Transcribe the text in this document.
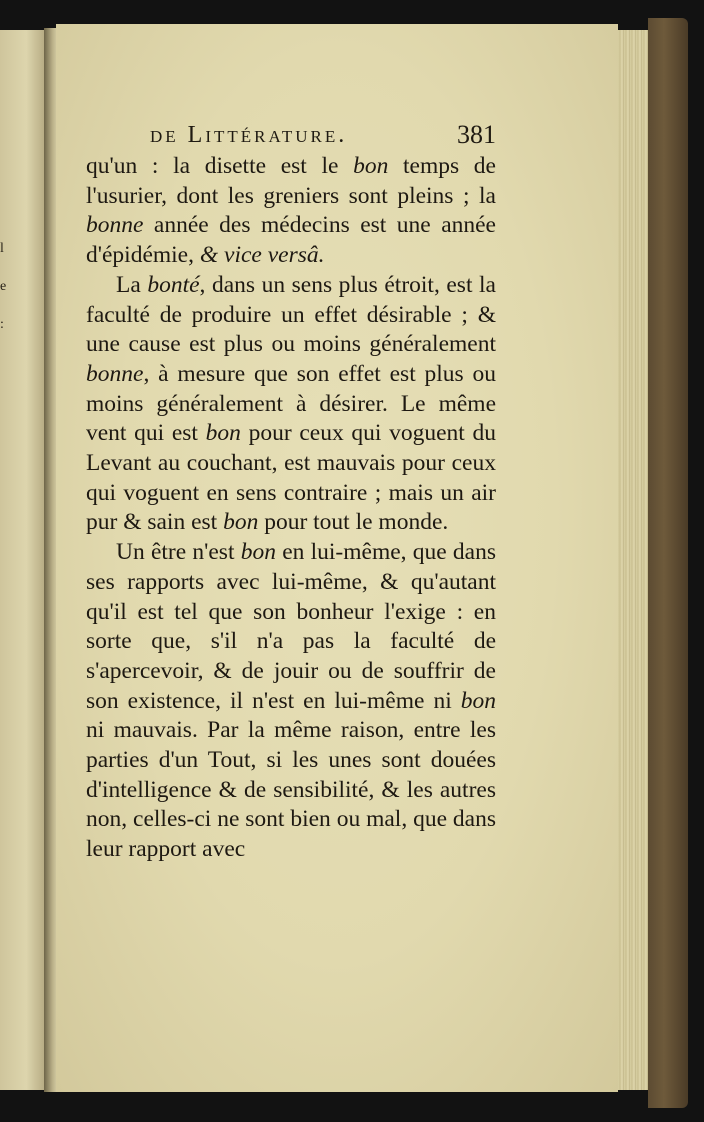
l
e
:
de Littérature.	381

qu'un : la disette est le bon temps de l'usurier, dont les greniers sont pleins ; la bonne année des médecins est une année d'épidémie, & vice versâ.

La bonté, dans un sens plus étroit, est la faculté de produire un effet désirable ; & une cause est plus ou moins généralement bonne, à mesure que son effet est plus ou moins généralement à désirer. Le même vent qui est bon pour ceux qui voguent du Levant au couchant, est mauvais pour ceux qui voguent en sens contraire ; mais un air pur & sain est bon pour tout le monde.

Un être n'est bon en lui-même, que dans ses rapports avec lui-même, & qu'autant qu'il est tel que son bonheur l'exige : en sorte que, s'il n'a pas la faculté de s'apercevoir, & de jouir ou de souffrir de son existence, il n'est en lui-même ni bon ni mauvais. Par la même raison, entre les parties d'un Tout, si les unes sont douées d'intelligence & de sensibilité, & les autres non, celles-ci ne sont bien ou mal, que dans leur rapport avec
